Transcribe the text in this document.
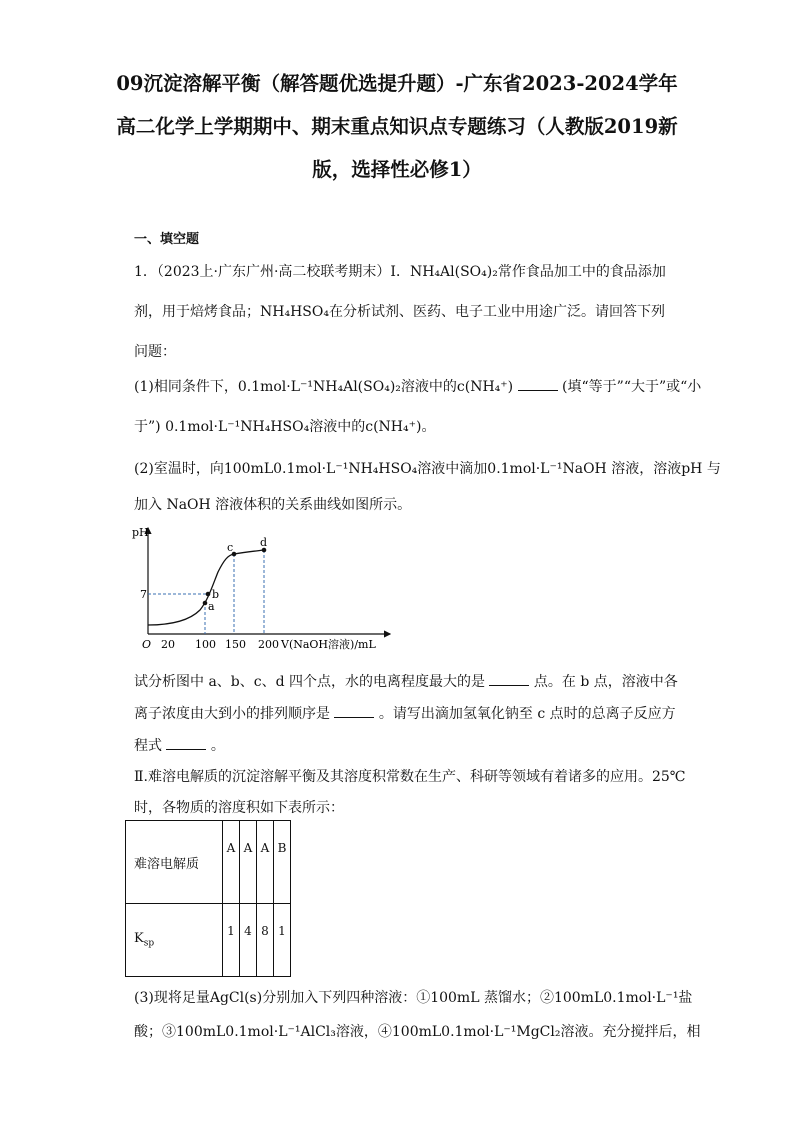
09沉淀溶解平衡（解答题优选提升题）-广东省2023-2024学年高二化学上学期期中、期末重点知识点专题练习（人教版2019新版，选择性必修1）
一、填空题
1．（2023上·广东广州·高二校联考期末）Ⅰ．NH₄Al(SO₄)₂常作食品加工中的食品添加
剂，用于焙烤食品；NH₄HSO₄在分析试剂、医药、电子工业中用途广泛。请回答下列
问题：
(1)相同条件下，0.1mol·L⁻¹NH₄Al(SO₄)₂溶液中的c(NH₄⁺)	(填“等于”“大于”或“小
于”) 0.1mol·L⁻¹NH₄HSO₄溶液中的c(NH₄⁺)。
(2)室温时，向100mL0.1mol·L⁻¹NH₄HSO₄溶液中滴加0.1mol·L⁻¹NaOH 溶液，溶液pH 与
加入 NaOH 溶液体积的关系曲线如图所示。
pH
O 20 100 150 200 V(NaOH溶液)/mL
7
a
b
c d
试分析图中 a、b、c、d 四个点，水的电离程度最大的是	点。在 b 点，溶液中各
离子浓度由大到小的排列顺序是	。请写出滴加氢氧化钠至 c 点时的总离子反应方
程式	。
Ⅱ.难溶电解质的沉淀溶解平衡及其溶度积常数在生产、科研等领域有着诸多的应用。25℃
时，各物质的溶度积如下表所示：
难溶电解质	A	A	A	B
$K_{sp}$	1	4	8	1
(3)现将足量AgCl(s)分别加入下列四种溶液：①100mL 蒸馏水；②100mL0.1mol·L⁻¹盐
酸；③100mL0.1mol·L⁻¹AlCl₃溶液，④100mL0.1mol·L⁻¹MgCl₂溶液。充分搅拌后，相
